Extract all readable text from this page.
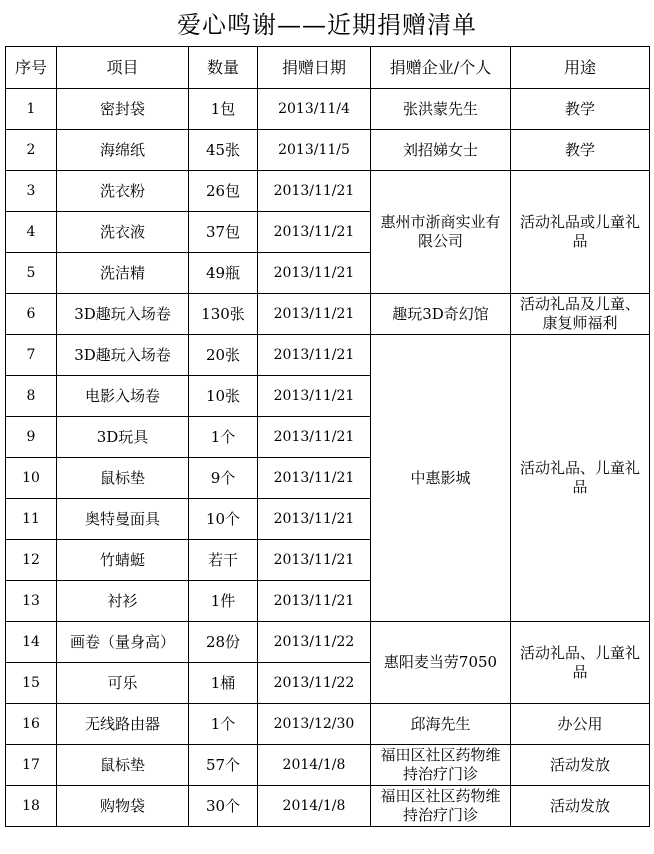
爱心鸣谢——近期捐赠清单
序号	项目	数量	捐赠日期	捐赠企业/个人	用途
1	密封袋	1包	2013/11/4	张洪蒙先生	教学
2	海绵纸	45张	2013/11/5	刘招娣女士	教学
3	洗衣粉	26包	2013/11/21	惠州市浙商实业有限公司	活动礼品或儿童礼品
4	洗衣液	37包	2013/11/21		
5	洗洁精	49瓶	2013/11/21		
6	3D趣玩入场卷	130张	2013/11/21	趣玩3D奇幻馆	活动礼品及儿童、康复师福利
7	3D趣玩入场卷	20张	2013/11/21	中惠影城	活动礼品、儿童礼品
8	电影入场卷	10张	2013/11/21		
9	3D玩具	1个	2013/11/21		
10	鼠标垫	9个	2013/11/21		
11	奥特曼面具	10个	2013/11/21		
12	竹蜻蜓	若干	2013/11/21		
13	衬衫	1件	2013/11/21		
14	画卷（量身高）	28份	2013/11/22	惠阳麦当劳7050	活动礼品、儿童礼品
15	可乐	1桶	2013/11/22		
16	无线路由器	1个	2013/12/30	邱海先生	办公用
17	鼠标垫	57个	2014/1/8	福田区社区药物维持治疗门诊	活动发放
18	购物袋	30个	2014/1/8	福田区社区药物维持治疗门诊	活动发放
